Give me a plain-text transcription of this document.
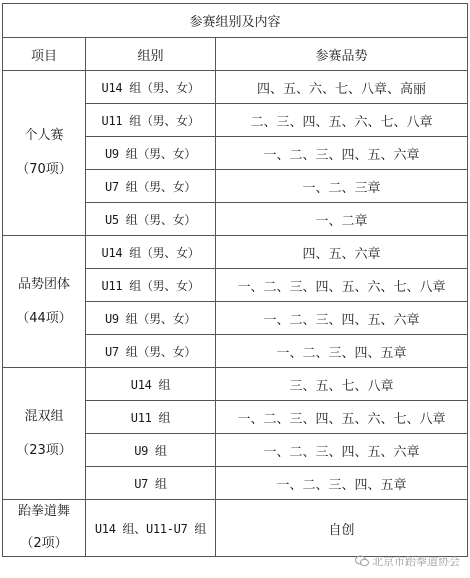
参赛组别及内容		
项目	组别	参赛品势

个人赛
（70项）	U14 组（男、女）	四、五、六、七、八章、高丽
	U11 组（男、女）	二、三、四、五、六、七、八章
	U9 组（男、女）	一、二、三、四、五、六章
	U7 组（男、女）	一、二、三章
	U5 组（男、女）	一、二章

品势团体
（44项）	U14 组（男、女）	四、五、六章
	U11 组（男、女）	一、二、三、四、五、六、七、八章
	U9 组（男、女）	一、二、三、四、五、六章
	U7 组（男、女）	一、二、三、四、五章

混双组
（23项）	U14 组	三、五、七、八章
	U11 组	一、二、三、四、五、六、七、八章
	U9 组	一、二、三、四、五、六章
	U7 组	一、二、三、四、五章

跆拳道舞
（2项）	U14 组、U11-U7 组	自创
北京市跆拳道协会
